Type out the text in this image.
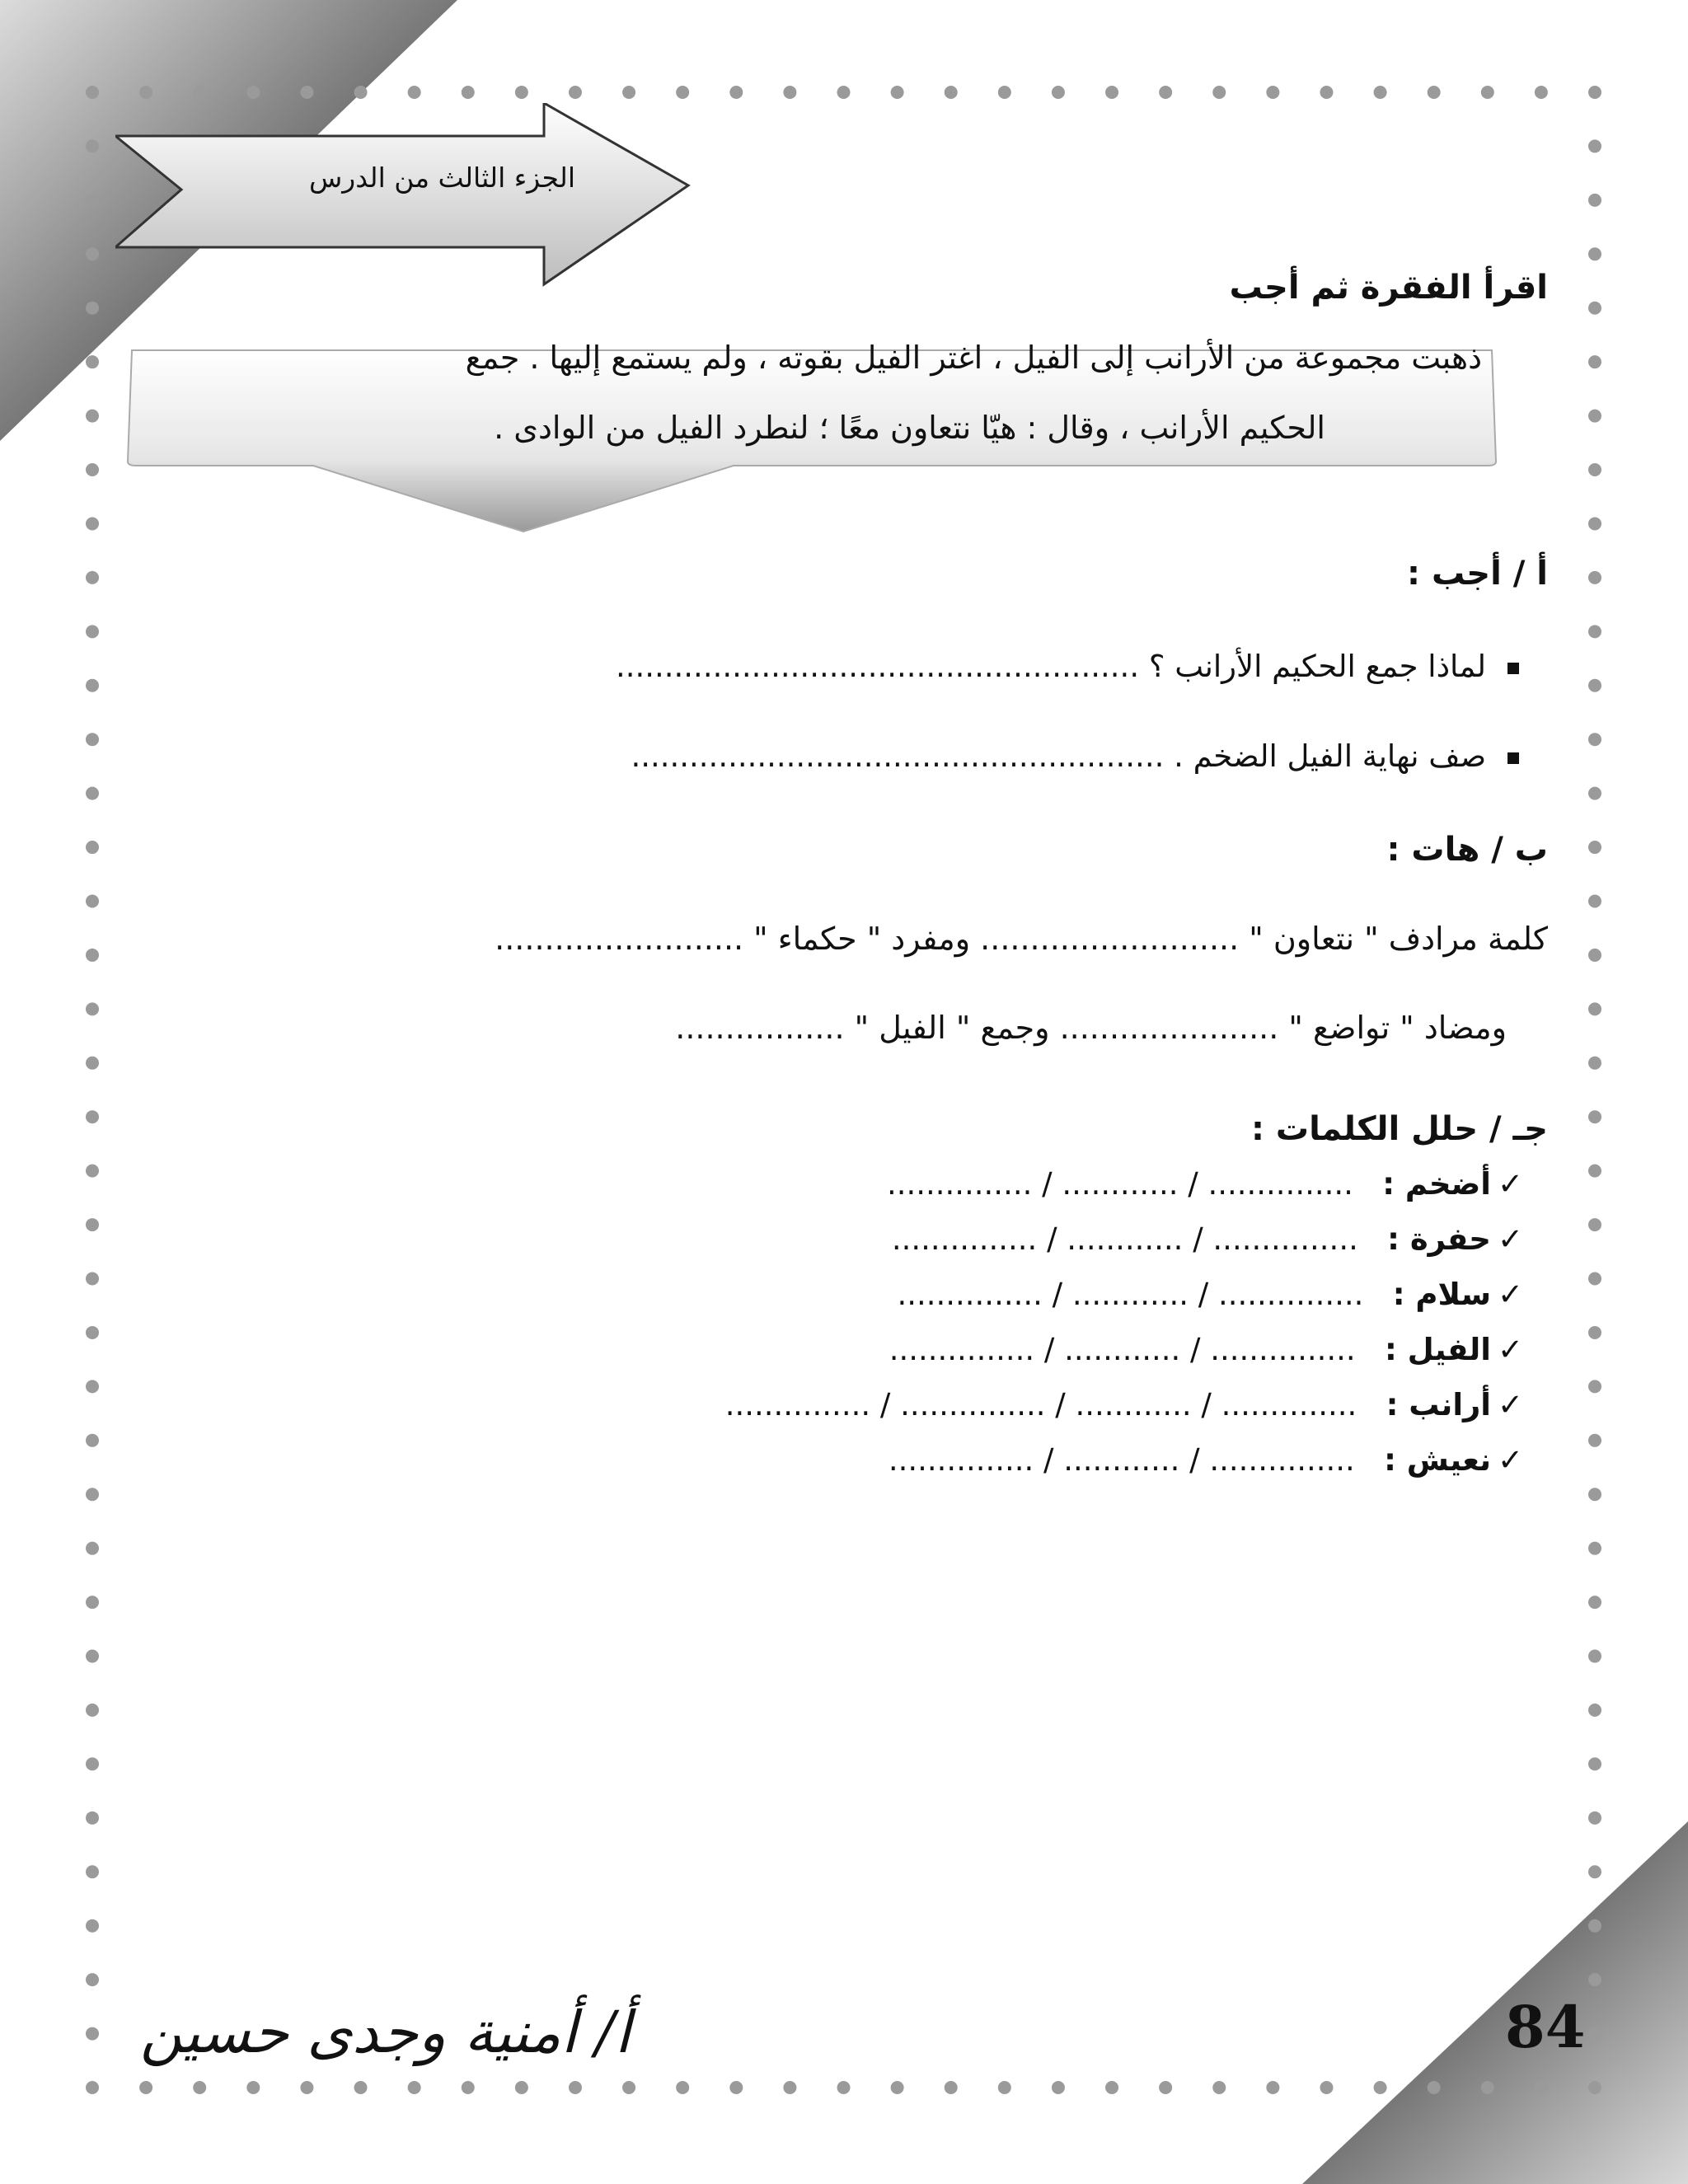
الجزء الثالث من الدرس
اقرأ الفقرة ثم أجب
ذهبت مجموعة من الأرانب إلى الفيل ، اغتر الفيل بقوته ، ولم يستمع إليها . جمع
الحكيم الأرانب ، وقال : هيّا نتعاون معًا ؛ لنطرد الفيل من الوادى .
أ / أجب :
لماذا جمع الحكيم الأرانب ؟ ......................................................
صف نهاية الفيل الضخم . .......................................................
ب / هات :
كلمة مرادف " نتعاون " .......................... ومفرد " حكماء " .........................
ومضاد " تواضع " ...................... وجمع " الفيل " .................
جـ / حلل الكلمات :
✓أضخم :   ............... / ............ / ...............
✓حفرة :   ............... / ............ / ...............
✓سلام :   ............... / ............ / ...............
✓الفيل :   ............... / ............ / ...............
✓أرانب :   .............. / ............ / ............... / ...............
✓نعيش :   ............... / ............ / ...............
84
أ/ أمنية وجدى حسين
